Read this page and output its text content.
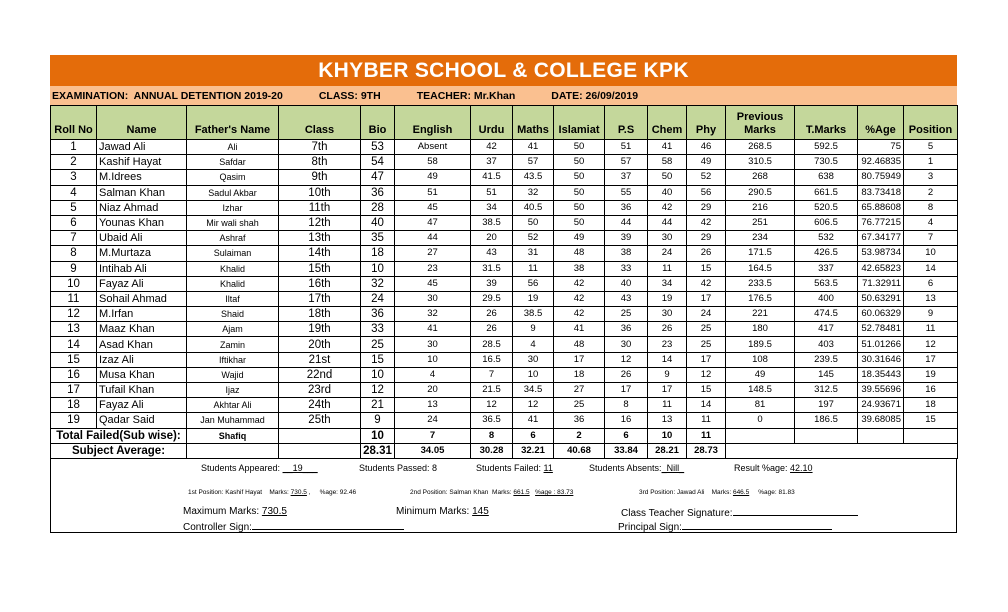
KHYBER SCHOOL & COLLEGE KPK
EXAMINATION:  ANNUAL DETENTION 2019-20	CLASS: 9TH	TEACHER: Mr.Khan	DATE: 26/09/2019
Roll No	Name	Father's Name	Class	Bio	English	Urdu	Maths	Islamiat	P.S	Chem	Phy	Previous Marks	T.Marks	%Age	Position
1	Jawad Ali	Ali	7th	53	Absent	42	41	50	51	41	46	268.5	592.5	75	5
2	Kashif Hayat	Safdar	8th	54	58	37	57	50	57	58	49	310.5	730.5	92.46835	1
3	M.Idrees	Qasim	9th	47	49	41.5	43.5	50	37	50	52	268	638	80.75949	3
4	Salman Khan	Sadul Akbar	10th	36	51	51	32	50	55	40	56	290.5	661.5	83.73418	2
5	Niaz Ahmad	Izhar	11th	28	45	34	40.5	50	36	42	29	216	520.5	65.88608	8
6	Younas Khan	Mir wali shah	12th	40	47	38.5	50	50	44	44	42	251	606.5	76.77215	4
7	Ubaid Ali	Ashraf	13th	35	44	20	52	49	39	30	29	234	532	67.34177	7
8	M.Murtaza	Sulaiman	14th	18	27	43	31	48	38	24	26	171.5	426.5	53.98734	10
9	Intihab Ali	Khalid	15th	10	23	31.5	11	38	33	11	15	164.5	337	42.65823	14
10	Fayaz Ali	Khalid	16th	32	45	39	56	42	40	34	42	233.5	563.5	71.32911	6
11	Sohail Ahmad	Iltaf	17th	24	30	29.5	19	42	43	19	17	176.5	400	50.63291	13
12	M.Irfan	Shaid	18th	36	32	26	38.5	42	25	30	24	221	474.5	60.06329	9
13	Maaz Khan	Ajam	19th	33	41	26	9	41	36	26	25	180	417	52.78481	11
14	Asad Khan	Zamin	20th	25	30	28.5	4	48	30	23	25	189.5	403	51.01266	12
15	Izaz Ali	Iftikhar	21st	15	10	16.5	30	17	12	14	17	108	239.5	30.31646	17
16	Musa Khan	Wajid	22nd	10	4	7	10	18	26	9	12	49	145	18.35443	19
17	Tufail Khan	Ijaz	23rd	12	20	21.5	34.5	27	17	17	15	148.5	312.5	39.55696	16
18	Fayaz Ali	Akhtar Ali	24th	21	13	12	12	25	8	11	14	81	197	24.93671	18
19	Qadar Said	Jan Muhammad	25th	9	24	36.5	41	36	16	13	11	0	186.5	39.68085	15
Total Failed(Sub wise):		Shafiq		10	7	8	6	2	6	10	11				
Subject Average:				28.31	34.05	30.28	32.21	40.68	33.84	28.21	28.73				
Students Appeared: __19___	Students Passed: 8	Students Failed: 11	Students Absents:_Nill_	Result %age: 42.10
1st Position: Kashif Hayat Marks: 730.5 ,     %age: 92.46	2nd Position: Salman Khan Marks: 661.5 %age : 83.73	3rd Position: Jawad Ali Marks: 646.5 %age: 81.83
Maximum Marks: 730.5	Minimum Marks: 145	Class Teacher Signature:
Controller Sign:	Principal Sign:
